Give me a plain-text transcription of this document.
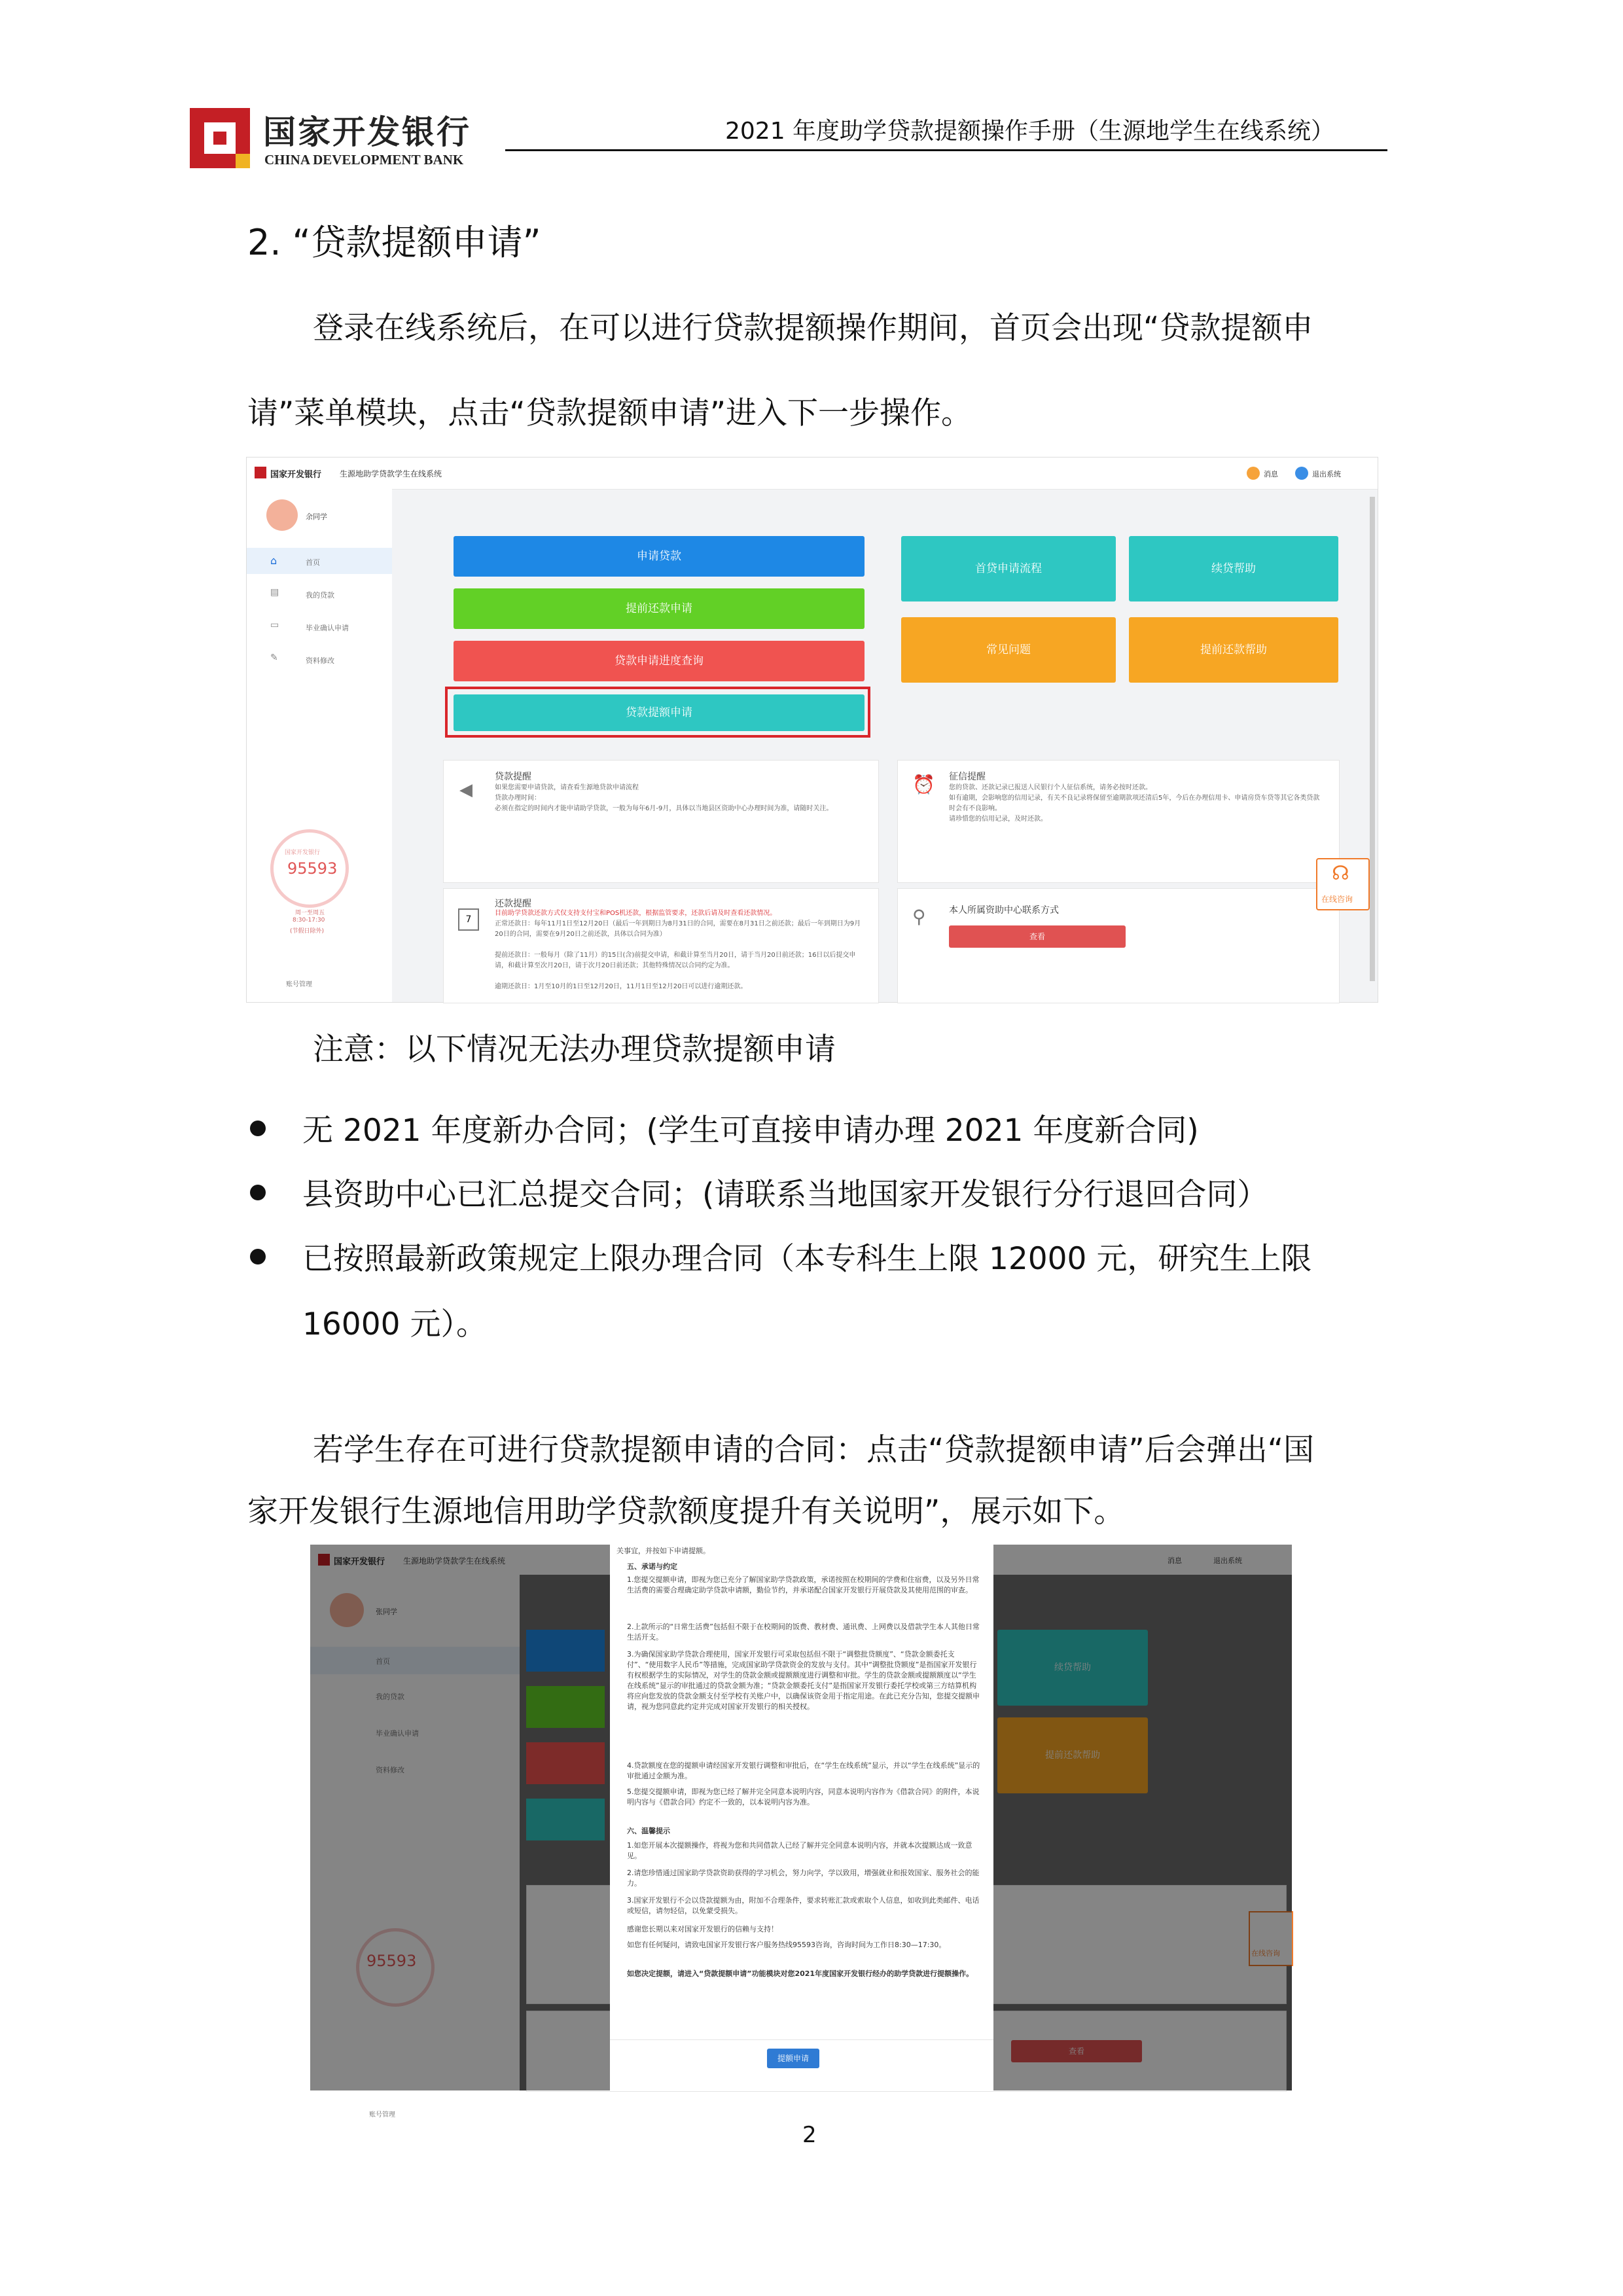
国家开发银行
CHINA DEVELOPMENT BANK
2021 年度助学贷款提额操作手册（生源地学生在线系统）
2. “贷款提额申请”
登录在线系统后，在可以进行贷款提额操作期间，首页会出现“贷款提额申
请”菜单模块，点击“贷款提额申请”进入下一步操作。
国家开发银行 生源地助学贷款学生在线系统	消息	退出系统
余同学
⌂	首页
▤	我的贷款
▭	毕业确认申请
✎	资料修改
国家开发银行
95593
周一至周五
8:30-17:30
(节假日除外)
账号管理
申请贷款
提前还款申请
贷款申请进度查询
贷款提额申请
首贷申请流程	续贷帮助
常见问题	提前还款帮助
◀
贷款提醒
如果您需要申请贷款，请查看生源地贷款申请流程
贷款办理时间：
必须在指定的时间内才能申请助学贷款，一般为每年6月-9月，具体以当地县区资助中心办理时间为准，请随时关注。
⏰ 征信提醒
您的贷款、还款记录已报送人民银行个人征信系统，请务必按时还款。
如有逾期，会影响您的信用记录，有关不良记录将保留至逾期款项还清后5年，今后在办理信用卡、申请房贷车贷等其它各类贷款时会有不良影响。
请珍惜您的信用记录，及时还款。
7
还款提醒
目前助学贷款还款方式仅支持支付宝和POS机还款，根据监管要求，还款后请及时查看还款情况。
正常还款日：每年11月1日至12月20日（最后一年到期日为8月31日的合同，需要在8月31日之前还款；最后一年到期日为9月20日的合同，需要在9月20日之前还款，具体以合同为准）
提前还款日：一般每月（除了11月）的15日(含)前提交申请，和截计算至当月20日，请于当月20日前还款；16日以后提交申请，和截计算至次月20日，请于次月20日前还款；其他特殊情况以合同约定为准。
逾期还款日：1月至10月的1日至12月20日，11月1日至12月20日可以进行逾期还款。
⚲	本人所属资助中心联系方式
查看
☊
在线咨询
注意：以下情况无法办理贷款提额申请
无 2021 年度新办合同；(学生可直接申请办理 2021 年度新合同)
县资助中心已汇总提交合同；(请联系当地国家开发银行分行退回合同）
已按照最新政策规定上限办理合同（本专科生上限 12000 元，研究生上限
16000 元）。
若学生存在可进行贷款提额申请的合同：点击“贷款提额申请”后会弹出“国
家开发银行生源地信用助学贷款额度提升有关说明”，展示如下。
国家开发银行 生源地助学贷款学生在线系统	消息	退出系统
张同学
首页
我的贷款
毕业确认申请
资料修改
95593
账号管理
续贷帮助
提前还款帮助
查看
在线咨询
关事宜，并按如下申请提额。
五、承诺与约定
1.您提交提额申请，即视为您已充分了解国家助学贷款政策，承诺按照在校期间的学费和住宿费，以及另外日常生活费的需要合理确定助学贷款申请额，勤俭节约，并承诺配合国家开发银行开展贷款及其使用范围的审查。
2.上款所示的“日常生活费”包括但不限于在校期间的饭费、教材费、通讯费、上网费以及借款学生本人其他日常生活开支。
3.为确保国家助学贷款合理使用，国家开发银行可采取包括但不限于“调整批贷额度”、“贷款金额委托支付”、“使用数字人民币”等措施，完成国家助学贷款资金的发放与支付。其中“调整批贷额度”是指国家开发银行有权根据学生的实际情况，对学生的贷款金额或提额额度进行调整和审批。学生的贷款金额或提额额度以“学生在线系统”显示的审批通过的贷款金额为准；“贷款金额委托支付”是指国家开发银行委托学校或第三方结算机构将应向您发放的贷款金额支付至学校有关账户中，以确保该资金用于指定用途。在此已充分告知，您提交提额申请，视为您同意此约定并完成对国家开发银行的相关授权。
4.贷款额度在您的提额申请经国家开发银行调整和审批后，在“学生在线系统”显示，并以“学生在线系统”显示的审批通过金额为准。
5.您提交提额申请，即视为您已经了解并完全同意本说明内容，同意本说明内容作为《借款合同》的附件，本说明内容与《借款合同》约定不一致的，以本说明内容为准。
六、温馨提示
1.如您开展本次提额操作，将视为您和共同借款人已经了解并完全同意本说明内容，并就本次提额达成一致意见。
2.请您珍惜通过国家助学贷款资助获得的学习机会，努力向学，学以致用，增强就业和报效国家、服务社会的能力。
3.国家开发银行不会以贷款提额为由，附加不合理条件，要求转账汇款或索取个人信息，如收到此类邮件、电话或短信，请勿轻信，以免蒙受损失。
感谢您长期以来对国家开发银行的信赖与支持！
如您有任何疑问，请致电国家开发银行客户服务热线95593咨询，咨询时间为工作日8:30—17:30。
如您决定提额，请进入“贷款提额申请”功能模块对您2021年度国家开发银行经办的助学贷款进行提额操作。
提额申请
2
